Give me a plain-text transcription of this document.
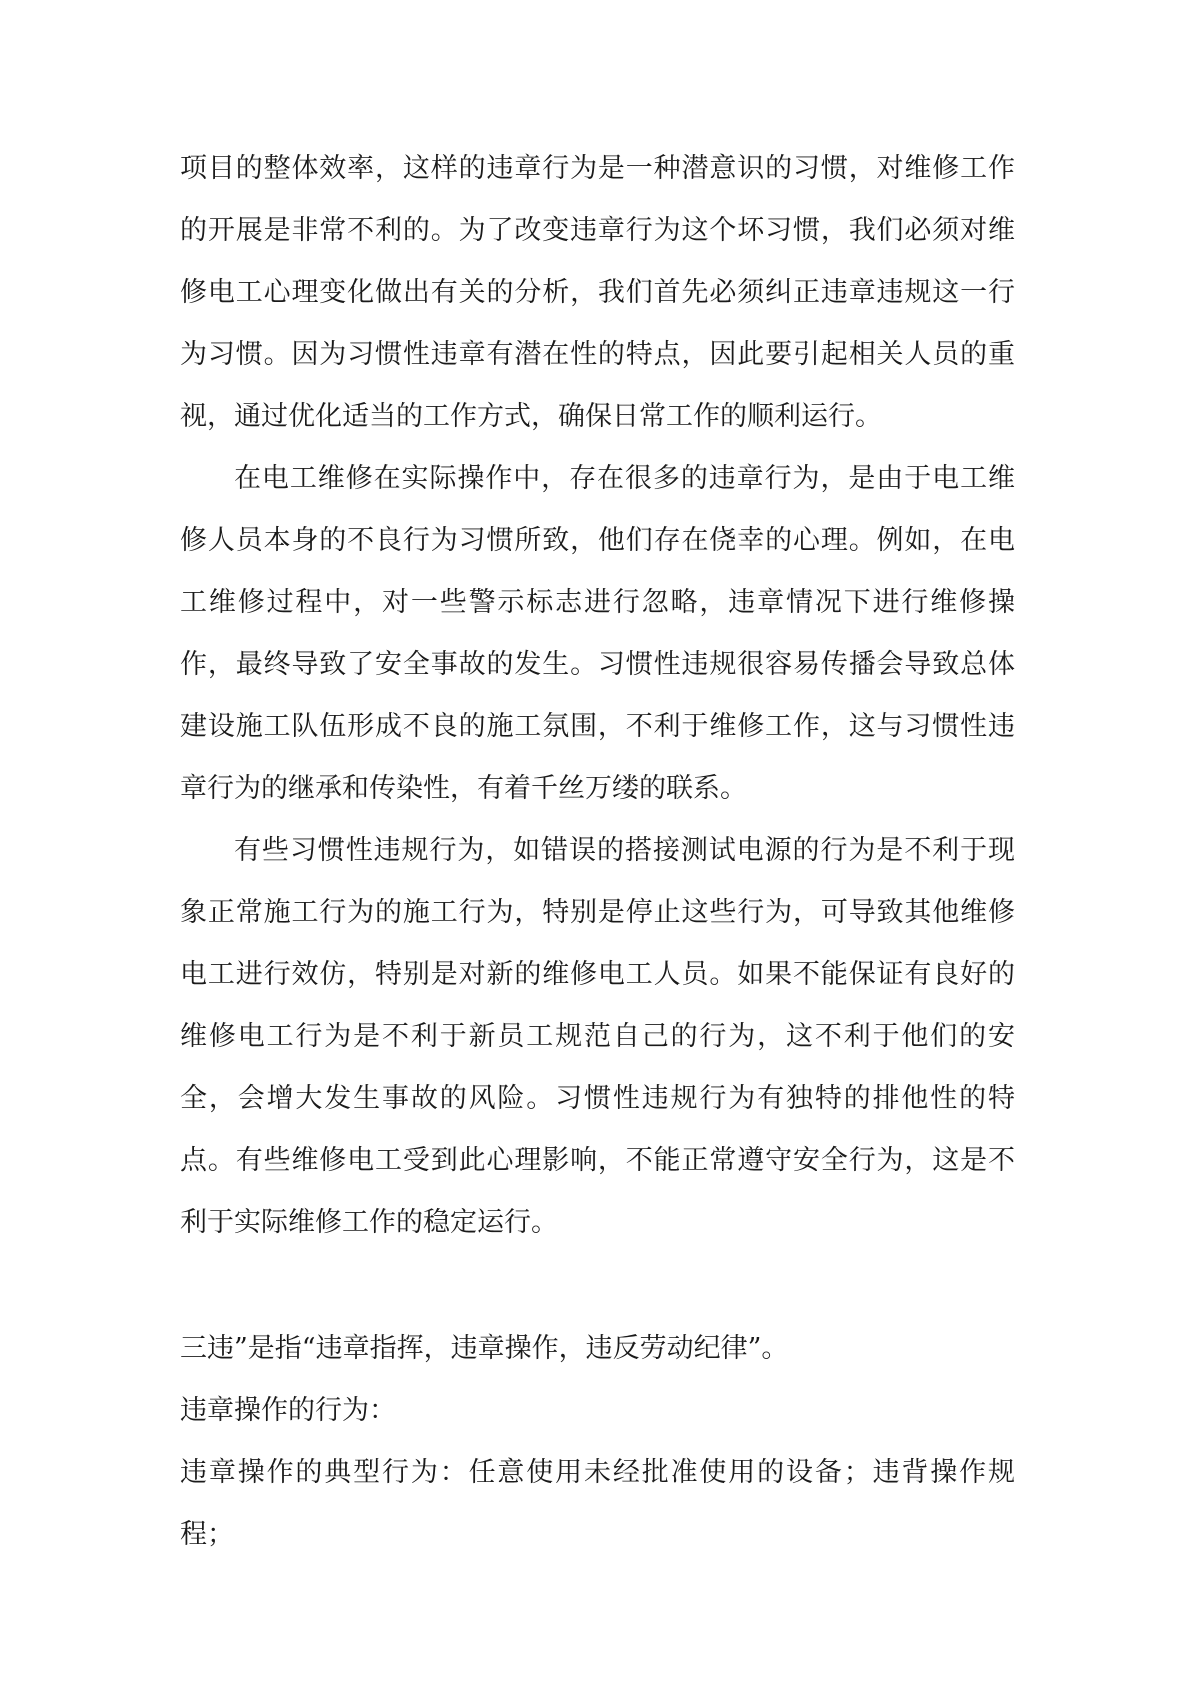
项目的整体效率，这样的违章行为是一种潜意识的习惯，对维修工作的开展是非常不利的。为了改变违章行为这个坏习惯，我们必须对维修电工心理变化做出有关的分析，我们首先必须纠正违章违规这一行为习惯。因为习惯性违章有潜在性的特点，因此要引起相关人员的重视，通过优化适当的工作方式，确保日常工作的顺利运行。

在电工维修在实际操作中，存在很多的违章行为，是由于电工维修人员本身的不良行为习惯所致，他们存在侥幸的心理。例如，在电工维修过程中，对一些警示标志进行忽略，违章情况下进行维修操作，最终导致了安全事故的发生。习惯性违规很容易传播会导致总体建设施工队伍形成不良的施工氛围，不利于维修工作，这与习惯性违章行为的继承和传染性，有着千丝万缕的联系。

有些习惯性违规行为，如错误的搭接测试电源的行为是不利于现象正常施工行为的施工行为，特别是停止这些行为，可导致其他维修电工进行效仿，特别是对新的维修电工人员。如果不能保证有良好的维修电工行为是不利于新员工规范自己的行为，这不利于他们的安全，会增大发生事故的风险。习惯性违规行为有独特的排他性的特点。有些维修电工受到此心理影响，不能正常遵守安全行为，这是不利于实际维修工作的稳定运行。

三违”是指“违章指挥，违章操作，违反劳动纪律”。

违章操作的行为：

违章操作的典型行为：任意使用未经批准使用的设备；违背操作规程；
